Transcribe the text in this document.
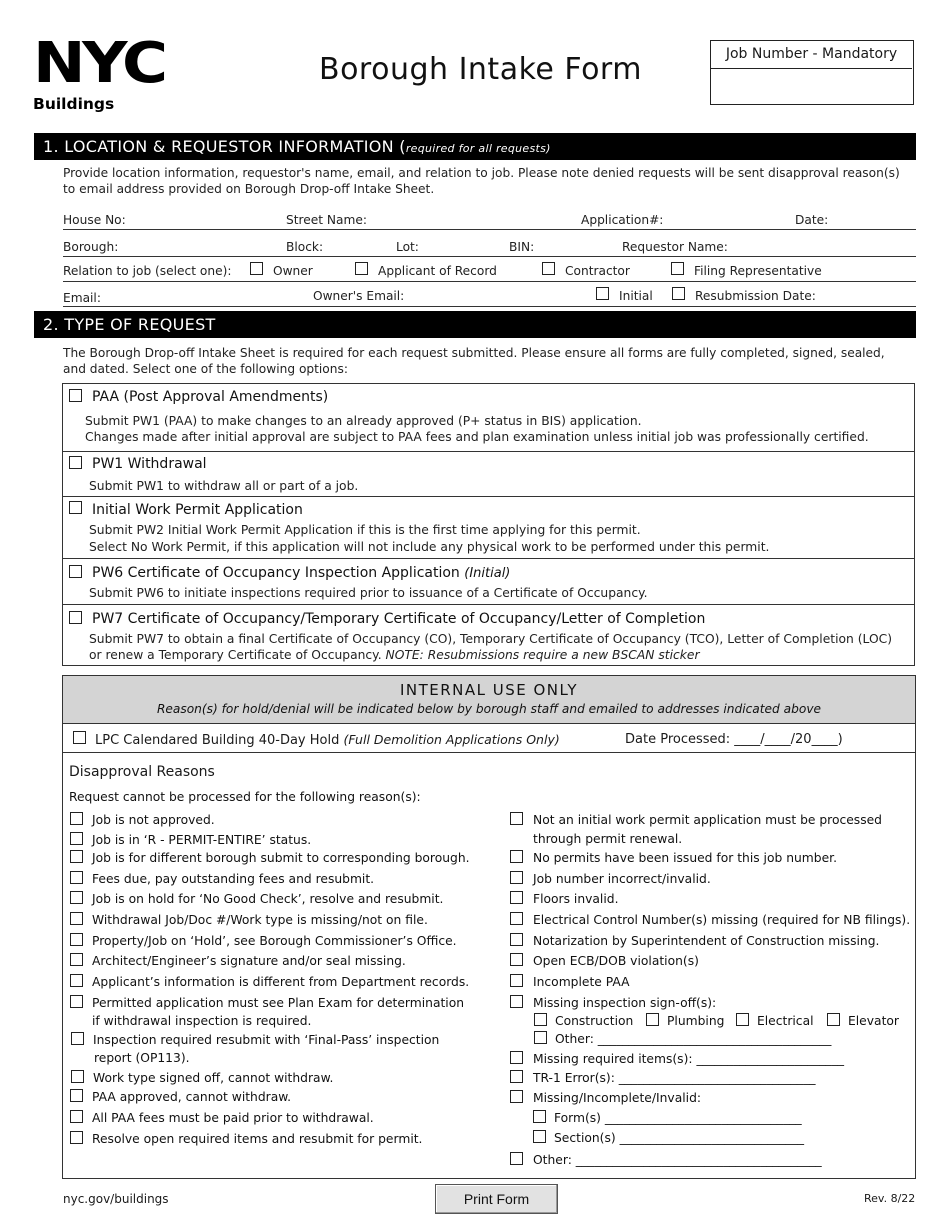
NYC
Buildings
Borough Intake Form	Job Number - Mandatory
1. LOCATION & REQUESTOR INFORMATION (required for all requests)
Provide location information, requestor's name, email, and relation to job. Please note denied requests will be sent disapproval reason(s)
to email address provided on Borough Drop-off Intake Sheet.
House No:	Street Name:	Application#:	Date:
Borough:	Block:	Lot:	BIN:	Requestor Name:
Relation to job (select one):	Owner	Applicant of Record	Contractor	Filing Representative
Email:	Owner's Email:	Initial	Resubmission Date:
2. TYPE OF REQUEST
The Borough Drop-off Intake Sheet is required for each request submitted. Please ensure all forms are fully completed, signed, sealed,
and dated. Select one of the following options:
PAA (Post Approval Amendments)
Submit PW1 (PAA) to make changes to an already approved (P+ status in BIS) application.
Changes made after initial approval are subject to PAA fees and plan examination unless initial job was professionally certified.
PW1 Withdrawal
Submit PW1 to withdraw all or part of a job.
Initial Work Permit Application
Submit PW2 Initial Work Permit Application if this is the first time applying for this permit.
Select No Work Permit, if this application will not include any physical work to be performed under this permit.
PW6 Certificate of Occupancy Inspection Application (Initial)
Submit PW6 to initiate inspections required prior to issuance of a Certificate of Occupancy.
PW7 Certificate of Occupancy/Temporary Certificate of Occupancy/Letter of Completion
Submit PW7 to obtain a final Certificate of Occupancy (CO), Temporary Certificate of Occupancy (TCO), Letter of Completion (LOC)
or renew a Temporary Certificate of Occupancy. NOTE: Resubmissions require a new BSCAN sticker
INTERNAL USE ONLY
Reason(s) for hold/denial will be indicated below by borough staff and emailed to addresses indicated above
LPC Calendared Building 40-Day Hold (Full Demolition Applications Only)	Date Processed: ____/____/20____)
Disapproval Reasons
Request cannot be processed for the following reason(s):
Job is not approved.
Job is in ‘R - PERMIT-ENTIRE’ status.
Job is for different borough submit to corresponding borough.
Fees due, pay outstanding fees and resubmit.
Job is on hold for ‘No Good Check’, resolve and resubmit.
Withdrawal Job/Doc #/Work type is missing/not on file.
Property/Job on ‘Hold’, see Borough Commissioner’s Office.
Architect/Engineer’s signature and/or seal missing.
Applicant’s information is different from Department records.
Permitted application must see Plan Exam for determination
Inspection required resubmit with ‘Final-Pass’ inspection
Work type signed off, cannot withdraw.
PAA approved, cannot withdraw.
All PAA fees must be paid prior to withdrawal.
Resolve open required items and resubmit for permit.
if withdrawal inspection is required.
report (OP113).
Not an initial work permit application must be processed
No permits have been issued for this job number.
Job number incorrect/invalid.
Floors invalid.
Electrical Control Number(s) missing (required for NB filings).
Notarization by Superintendent of Construction missing.
Open ECB/DOB violation(s)
Incomplete PAA
Missing inspection sign-off(s):
Missing required items(s): ________________________
TR-1 Error(s): ________________________________
Missing/Incomplete/Invalid:
Other: ________________________________________
through permit renewal.
Construction	Plumbing	Electrical	Elevator
Other: ______________________________________
Form(s) ________________________________
Section(s) ______________________________
nyc.gov/buildings	Print Form	Rev. 8/22
